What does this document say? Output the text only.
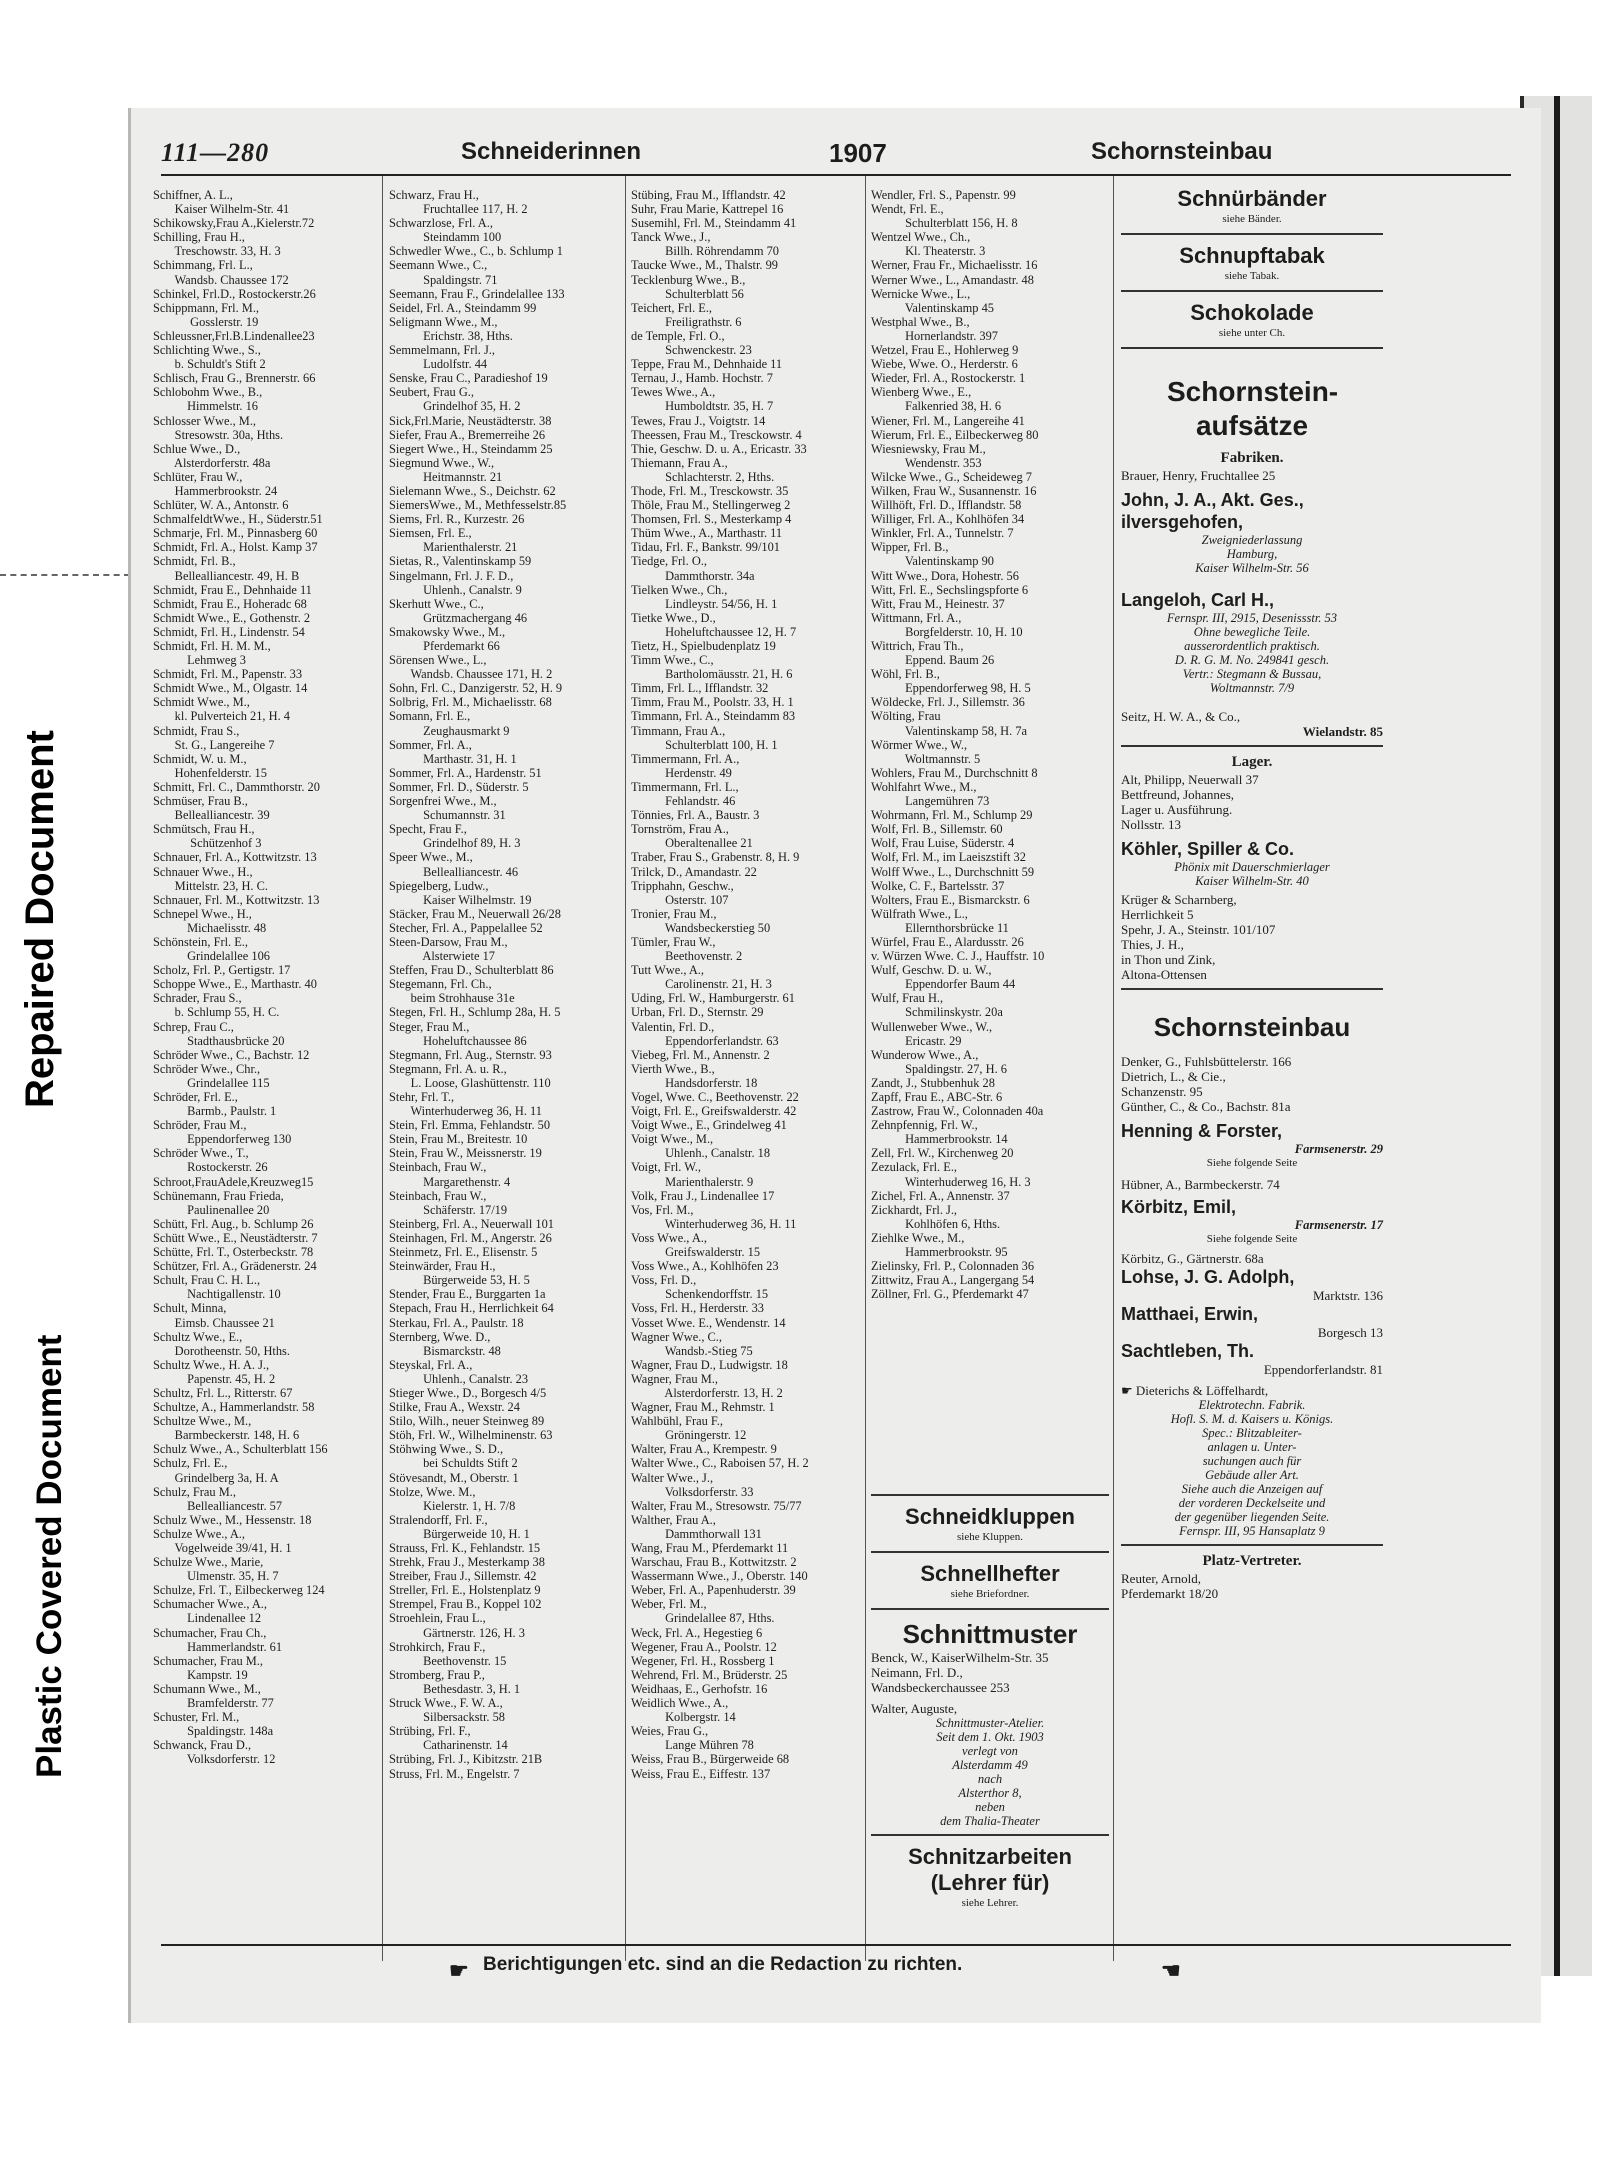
Repaired Document
Plastic Covered Document
111—280	Schneiderinnen	1907	Schornsteinbau
Schiffner, A. L.,
Kaiser Wilhelm-Str. 41
Schikowsky,Frau A.,Kielerstr.72
Schilling, Frau H.,
Treschowstr. 33, H. 3
Schimmang, Frl. L.,
Wandsb. Chaussee 172
Schinkel, Frl.D., Rostockerstr.26
Schippmann, Frl. M.,
Gosslerstr. 19
Schleussner,Frl.B.Lindenallee23
Schlichting Wwe., S.,
b. Schuldt's Stift 2
Schlisch, Frau G., Brennerstr. 66
Schlobohm Wwe., B.,
Himmelstr. 16
Schlosser Wwe., M.,
Stresowstr. 30a, Hths.
Schlue Wwe., D.,
Alsterdorferstr. 48a
Schlüter, Frau W.,
Hammerbrookstr. 24
Schlüter, W. A., Antonstr. 6
SchmalfeldtWwe., H., Süderstr.51
Schmarje, Frl. M., Pinnasberg 60
Schmidt, Frl. A., Holst. Kamp 37
Schmidt, Frl. B.,
Bellealliancestr. 49, H. B
Schmidt, Frau E., Dehnhaide 11
Schmidt, Frau E., Hoheradc 68
Schmidt Wwe., E., Gothenstr. 2
Schmidt, Frl. H., Lindenstr. 54
Schmidt, Frl. H. M. M.,
Lehmweg 3
Schmidt, Frl. M., Papenstr. 33
Schmidt Wwe., M., Olgastr. 14
Schmidt Wwe., M.,
kl. Pulverteich 21, H. 4
Schmidt, Frau S.,
St. G., Langereihe 7
Schmidt, W. u. M.,
Hohenfelderstr. 15
Schmitt, Frl. C., Dammthorstr. 20
Schmüser, Frau B.,
Bellealliancestr. 39
Schmütsch, Frau H.,
Schützenhof 3
Schnauer, Frl. A., Kottwitzstr. 13
Schnauer Wwe., H.,
Mittelstr. 23, H. C.
Schnauer, Frl. M., Kottwitzstr. 13
Schnepel Wwe., H.,
Michaelisstr. 48
Schönstein, Frl. E.,
Grindelallee 106
Scholz, Frl. P., Gertigstr. 17
Schoppe Wwe., E., Marthastr. 40
Schrader, Frau S.,
b. Schlump 55, H. C.
Schrep, Frau C.,
Stadthausbrücke 20
Schröder Wwe., C., Bachstr. 12
Schröder Wwe., Chr.,
Grindelallee 115
Schröder, Frl. E.,
Barmb., Paulstr. 1
Schröder, Frau M.,
Eppendorferweg 130
Schröder Wwe., T.,
Rostockerstr. 26
Schroot,FrauAdele,Kreuzweg15
Schünemann, Frau Frieda,
Paulinenallee 20
Schütt, Frl. Aug., b. Schlump 26
Schütt Wwe., E., Neustädterstr. 7
Schütte, Frl. T., Osterbeckstr. 78
Schützer, Frl. A., Grädenerstr. 24
Schult, Frau C. H. L.,
Nachtigallenstr. 10
Schult, Minna,
Eimsb. Chaussee 21
Schultz Wwe., E.,
Dorotheenstr. 50, Hths.
Schultz Wwe., H. A. J.,
Papenstr. 45, H. 2
Schultz, Frl. L., Ritterstr. 67
Schultze, A., Hammerlandstr. 58
Schultze Wwe., M.,
Barmbeckerstr. 148, H. 6
Schulz Wwe., A., Schulterblatt 156
Schulz, Frl. E.,
Grindelberg 3a, H. A
Schulz, Frau M.,
Bellealliancestr. 57
Schulz Wwe., M., Hessenstr. 18
Schulze Wwe., A.,
Vogelweide 39/41, H. 1
Schulze Wwe., Marie,
Ulmenstr. 35, H. 7
Schulze, Frl. T., Eilbeckerweg 124
Schumacher Wwe., A.,
Lindenallee 12
Schumacher, Frau Ch.,
Hammerlandstr. 61
Schumacher, Frau M.,
Kampstr. 19
Schumann Wwe., M.,
Bramfelderstr. 77
Schuster, Frl. M.,
Spaldingstr. 148a
Schwanck, Frau D.,
Volksdorferstr. 12
Schwarz, Frau H.,
Fruchtallee 117, H. 2
Schwarzlose, Frl. A.,
Steindamm 100
Schwedler Wwe., C., b. Schlump 1
Seemann Wwe., C.,
Spaldingstr. 71
Seemann, Frau F., Grindelallee 133
Seidel, Frl. A., Steindamm 99
Seligmann Wwe., M.,
Erichstr. 38, Hths.
Semmelmann, Frl. J.,
Ludolfstr. 44
Senske, Frau C., Paradieshof 19
Seubert, Frau G.,
Grindelhof 35, H. 2
Sick,Frl.Marie, Neustädterstr. 38
Siefer, Frau A., Bremerreihe 26
Siegert Wwe., H., Steindamm 25
Siegmund Wwe., W.,
Heitmannstr. 21
Sielemann Wwe., S., Deichstr. 62
SiemersWwe., M., Methfesselstr.85
Siems, Frl. R., Kurzestr. 26
Siemsen, Frl. E.,
Marienthalerstr. 21
Sietas, R., Valentinskamp 59
Singelmann, Frl. J. F. D.,
Uhlenh., Canalstr. 9
Skerhutt Wwe., C.,
Grützmachergang 46
Smakowsky Wwe., M.,
Pferdemarkt 66
Sörensen Wwe., L.,
Wandsb. Chaussee 171, H. 2
Sohn, Frl. C., Danzigerstr. 52, H. 9
Solbrig, Frl. M., Michaelisstr. 68
Somann, Frl. E.,
Zeughausmarkt 9
Sommer, Frl. A.,
Marthastr. 31, H. 1
Sommer, Frl. A., Hardenstr. 51
Sommer, Frl. D., Süderstr. 5
Sorgenfrei Wwe., M.,
Schumannstr. 31
Specht, Frau F.,
Grindelhof 89, H. 3
Speer Wwe., M.,
Bellealliancestr. 46
Spiegelberg, Ludw.,
Kaiser Wilhelmstr. 19
Stäcker, Frau M., Neuerwall 26/28
Stecher, Frl. A., Pappelallee 52
Steen-Darsow, Frau M.,
Alsterwiete 17
Steffen, Frau D., Schulterblatt 86
Stegemann, Frl. Ch.,
beim Strohhause 31e
Stegen, Frl. H., Schlump 28a, H. 5
Steger, Frau M.,
Hoheluftchaussee 86
Stegmann, Frl. Aug., Sternstr. 93
Stegmann, Frl. A. u. R.,
L. Loose, Glashüttenstr. 110
Stehr, Frl. T.,
Winterhuderweg 36, H. 11
Stein, Frl. Emma, Fehlandstr. 50
Stein, Frau M., Breitestr. 10
Stein, Frau W., Meissnerstr. 19
Steinbach, Frau W.,
Margarethenstr. 4
Steinbach, Frau W.,
Schäferstr. 17/19
Steinberg, Frl. A., Neuerwall 101
Steinhagen, Frl. M., Angerstr. 26
Steinmetz, Frl. E., Elisenstr. 5
Steinwärder, Frau H.,
Bürgerweide 53, H. 5
Stender, Frau E., Burggarten 1a
Stepach, Frau H., Herrlichkeit 64
Sterkau, Frl. A., Paulstr. 18
Sternberg, Wwe. D.,
Bismarckstr. 48
Steyskal, Frl. A.,
Uhlenh., Canalstr. 23
Stieger Wwe., D., Borgesch 4/5
Stilke, Frau A., Wexstr. 24
Stilo, Wilh., neuer Steinweg 89
Stöh, Frl. W., Wilhelminenstr. 63
Stöhwing Wwe., S. D.,
bei Schuldts Stift 2
Stövesandt, M., Oberstr. 1
Stolze, Wwe. M.,
Kielerstr. 1, H. 7/8
Stralendorff, Frl. F.,
Bürgerweide 10, H. 1
Strauss, Frl. K., Fehlandstr. 15
Strehk, Frau J., Mesterkamp 38
Streiber, Frau J., Sillemstr. 42
Streller, Frl. E., Holstenplatz 9
Strempel, Frau B., Koppel 102
Stroehlein, Frau L.,
Gärtnerstr. 126, H. 3
Strohkirch, Frau F.,
Beethovenstr. 15
Stromberg, Frau P.,
Bethesdastr. 3, H. 1
Struck Wwe., F. W. A.,
Silbersackstr. 58
Strübing, Frl. F.,
Catharinenstr. 14
Strübing, Frl. J., Kibitzstr. 21B
Struss, Frl. M., Engelstr. 7
Stübing, Frau M., Ifflandstr. 42
Suhr, Frau Marie, Kattrepel 16
Susemihl, Frl. M., Steindamm 41
Tanck Wwe., J.,
Billh. Röhrendamm 70
Taucke Wwe., M., Thalstr. 99
Tecklenburg Wwe., B.,
Schulterblatt 56
Teichert, Frl. E.,
Freiligrathstr. 6
de Temple, Frl. O.,
Schwenckestr. 23
Teppe, Frau M., Dehnhaide 11
Ternau, J., Hamb. Hochstr. 7
Tewes Wwe., A.,
Humboldtstr. 35, H. 7
Tewes, Frau J., Voigtstr. 14
Theessen, Frau M., Tresckowstr. 4
Thie, Geschw. D. u. A., Ericastr. 33
Thiemann, Frau A.,
Schlachterstr. 2, Hths.
Thode, Frl. M., Tresckowstr. 35
Thöle, Frau M., Stellingerweg 2
Thomsen, Frl. S., Mesterkamp 4
Thüm Wwe., A., Marthastr. 11
Tidau, Frl. F., Bankstr. 99/101
Tiedge, Frl. O.,
Dammthorstr. 34a
Tielken Wwe., Ch.,
Lindleystr. 54/56, H. 1
Tietke Wwe., D.,
Hoheluftchaussee 12, H. 7
Tietz, H., Spielbudenplatz 19
Timm Wwe., C.,
Bartholomäusstr. 21, H. 6
Timm, Frl. L., Ifflandstr. 32
Timm, Frau M., Poolstr. 33, H. 1
Timmann, Frl. A., Steindamm 83
Timmann, Frau A.,
Schulterblatt 100, H. 1
Timmermann, Frl. A.,
Herdenstr. 49
Timmermann, Frl. L.,
Fehlandstr. 46
Tönnies, Frl. A., Baustr. 3
Tornström, Frau A.,
Oberaltenallee 21
Traber, Frau S., Grabenstr. 8, H. 9
Trilck, D., Amandastr. 22
Tripphahn, Geschw.,
Osterstr. 107
Tronier, Frau M.,
Wandsbeckerstieg 50
Tümler, Frau W.,
Beethovenstr. 2
Tutt Wwe., A.,
Carolinenstr. 21, H. 3
Uding, Frl. W., Hamburgerstr. 61
Urban, Frl. D., Sternstr. 29
Valentin, Frl. D.,
Eppendorferlandstr. 63
Viebeg, Frl. M., Annenstr. 2
Vierth Wwe., B.,
Handsdorferstr. 18
Vogel, Wwe. C., Beethovenstr. 22
Voigt, Frl. E., Greifswalderstr. 42
Voigt Wwe., E., Grindelweg 41
Voigt Wwe., M.,
Uhlenh., Canalstr. 18
Voigt, Frl. W.,
Marienthalerstr. 9
Volk, Frau J., Lindenallee 17
Vos, Frl. M.,
Winterhuderweg 36, H. 11
Voss Wwe., A.,
Greifswalderstr. 15
Voss Wwe., A., Kohlhöfen 23
Voss, Frl. D.,
Schenkendorffstr. 15
Voss, Frl. H., Herderstr. 33
Vosset Wwe. E., Wendenstr. 14
Wagner Wwe., C.,
Wandsb.-Stieg 75
Wagner, Frau D., Ludwigstr. 18
Wagner, Frau M.,
Alsterdorferstr. 13, H. 2
Wagner, Frau M., Rehmstr. 1
Wahlbühl, Frau F.,
Gröningerstr. 12
Walter, Frau A., Krempestr. 9
Walter Wwe., C., Raboisen 57, H. 2
Walter Wwe., J.,
Volksdorferstr. 33
Walter, Frau M., Stresowstr. 75/77
Walther, Frau A.,
Dammthorwall 131
Wang, Frau M., Pferdemarkt 11
Warschau, Frau B., Kottwitzstr. 2
Wassermann Wwe., J., Oberstr. 140
Weber, Frl. A., Papenhuderstr. 39
Weber, Frl. M.,
Grindelallee 87, Hths.
Weck, Frl. A., Hegestieg 6
Wegener, Frau A., Poolstr. 12
Wegener, Frl. H., Rossberg 1
Wehrend, Frl. M., Brüderstr. 25
Weidhaas, E., Gerhofstr. 16
Weidlich Wwe., A.,
Kolbergstr. 14
Weies, Frau G.,
Lange Mühren 78
Weiss, Frau B., Bürgerweide 68
Weiss, Frau E., Eiffestr. 137
Wendler, Frl. S., Papenstr. 99
Wendt, Frl. E.,
Schulterblatt 156, H. 8
Wentzel Wwe., Ch.,
Kl. Theaterstr. 3
Werner, Frau Fr., Michaelisstr. 16
Werner Wwe., L., Amandastr. 48
Wernicke Wwe., L.,
Valentinskamp 45
Westphal Wwe., B.,
Hornerlandstr. 397
Wetzel, Frau E., Hohlerweg 9
Wiebe, Wwe. O., Herderstr. 6
Wieder, Frl. A., Rostockerstr. 1
Wienberg Wwe., E.,
Falkenried 38, H. 6
Wiener, Frl. M., Langereihe 41
Wierum, Frl. E., Eilbeckerweg 80
Wiesniewsky, Frau M.,
Wendenstr. 353
Wilcke Wwe., G., Scheideweg 7
Wilken, Frau W., Susannenstr. 16
Willhöft, Frl. D., Ifflandstr. 58
Williger, Frl. A., Kohlhöfen 34
Winkler, Frl. A., Tunnelstr. 7
Wipper, Frl. B.,
Valentinskamp 90
Witt Wwe., Dora, Hohestr. 56
Witt, Frl. E., Sechslingspforte 6
Witt, Frau M., Heinestr. 37
Wittmann, Frl. A.,
Borgfelderstr. 10, H. 10
Wittrich, Frau Th.,
Eppend. Baum 26
Wöhl, Frl. B.,
Eppendorferweg 98, H. 5
Wöldecke, Frl. J., Sillemstr. 36
Wölting, Frau
Valentinskamp 58, H. 7a
Wörmer Wwe., W.,
Woltmannstr. 5
Wohlers, Frau M., Durchschnitt 8
Wohlfahrt Wwe., M.,
Langemühren 73
Wohrmann, Frl. M., Schlump 29
Wolf, Frl. B., Sillemstr. 60
Wolf, Frau Luise, Süderstr. 4
Wolf, Frl. M., im Laeiszstift 32
Wolff Wwe., L., Durchschnitt 59
Wolke, C. F., Bartelsstr. 37
Wolters, Frau E., Bismarckstr. 6
Wülfrath Wwe., L.,
Ellernthorsbrücke 11
Würfel, Frau E., Alardusstr. 26
v. Würzen Wwe. C. J., Hauffstr. 10
Wulf, Geschw. D. u. W.,
Eppendorfer Baum 44
Wulf, Frau H.,
Schmilinskystr. 20a
Wullenweber Wwe., W.,
Ericastr. 29
Wunderow Wwe., A.,
Spaldingstr. 27, H. 6
Zandt, J., Stubbenhuk 28
Zapff, Frau E., ABC-Str. 6
Zastrow, Frau W., Colonnaden 40a
Zehnpfennig, Frl. W.,
Hammerbrookstr. 14
Zell, Frl. W., Kirchenweg 20
Zezulack, Frl. E.,
Winterhuderweg 16, H. 3
Zichel, Frl. A., Annenstr. 37
Zickhardt, Frl. J.,
Kohlhöfen 6, Hths.
Ziehlke Wwe., M.,
Hammerbrookstr. 95
Zielinsky, Frl. P., Colonnaden 36
Zittwitz, Frau A., Langergang 54
Zöllner, Frl. G., Pferdemarkt 47
Schneidkluppen
siehe Kluppen.
Schnellhefter
siehe Briefordner.
Schnittmuster
Benck, W., KaiserWilhelm-Str. 35
Neimann, Frl. D.,
Wandsbeckerchaussee 253
Walter, Auguste,
Schnittmuster-Atelier.
Seit dem 1. Okt. 1903
verlegt von
Alsterdamm 49
nach
Alsterthor 8,
neben
dem Thalia-Theater
Schnitzarbeiten (Lehrer für)
siehe Lehrer.
Schnürbänder
siehe Bänder.
Schnupftabak
siehe Tabak.
Schokolade
siehe unter Ch.
Schornstein-aufsätze
Fabriken.
Brauer, Henry, Fruchtallee 25
John, J. A., Akt. Ges., ilversgehofen,
Zweigniederlassung
Hamburg,
Kaiser Wilhelm-Str. 56
Langeloh, Carl H.,
Fernspr. III, 2915, Desenissstr. 53
Ohne bewegliche Teile.
ausserordentlich praktisch.
D. R. G. M. No. 249841 gesch.
Vertr.: Stegmann & Bussau,
Woltmannstr. 7/9
Seitz, H. W. A., & Co.,
Wielandstr. 85
Lager.
Alt, Philipp, Neuerwall 37
Bettfreund, Johannes,
Lager u. Ausführung.
Nollsstr. 13
Köhler, Spiller & Co.
Phönix mit Dauerschmierlager
Kaiser Wilhelm-Str. 40
Krüger & Scharnberg,
Herrlichkeit 5
Spehr, J. A., Steinstr. 101/107
Thies, J. H.,
in Thon und Zink,
Altona-Ottensen
Schornsteinbau
Denker, G., Fuhlsbüttelerstr. 166
Dietrich, L., & Cie.,
Schanzenstr. 95
Günther, C., & Co., Bachstr. 81a
Henning & Forster,
Farmsenerstr. 29
Siehe folgende Seite
Hübner, A., Barmbeckerstr. 74
Körbitz, Emil,
Farmsenerstr. 17
Siehe folgende Seite
Körbitz, G., Gärtnerstr. 68a
Lohse, J. G. Adolph,
Marktstr. 136
Matthaei, Erwin,
Borgesch 13
Sachtleben, Th.
Eppendorferlandstr. 81
☛ Dieterichs & Löffelhardt,
Elektrotechn. Fabrik.
Hofl. S. M. d. Kaisers u. Königs.
Spec.: Blitzableiter-
anlagen u. Unter-
suchungen auch für
Gebäude aller Art.
Siehe auch die Anzeigen auf
der vorderen Deckelseite und
der gegenüber liegenden Seite.
Fernspr. III, 95 Hansaplatz 9
Platz-Vertreter.
Reuter, Arnold,
Pferdemarkt 18/20
☛ Berichtigungen etc. sind an die Redaction zu richten.	☚
